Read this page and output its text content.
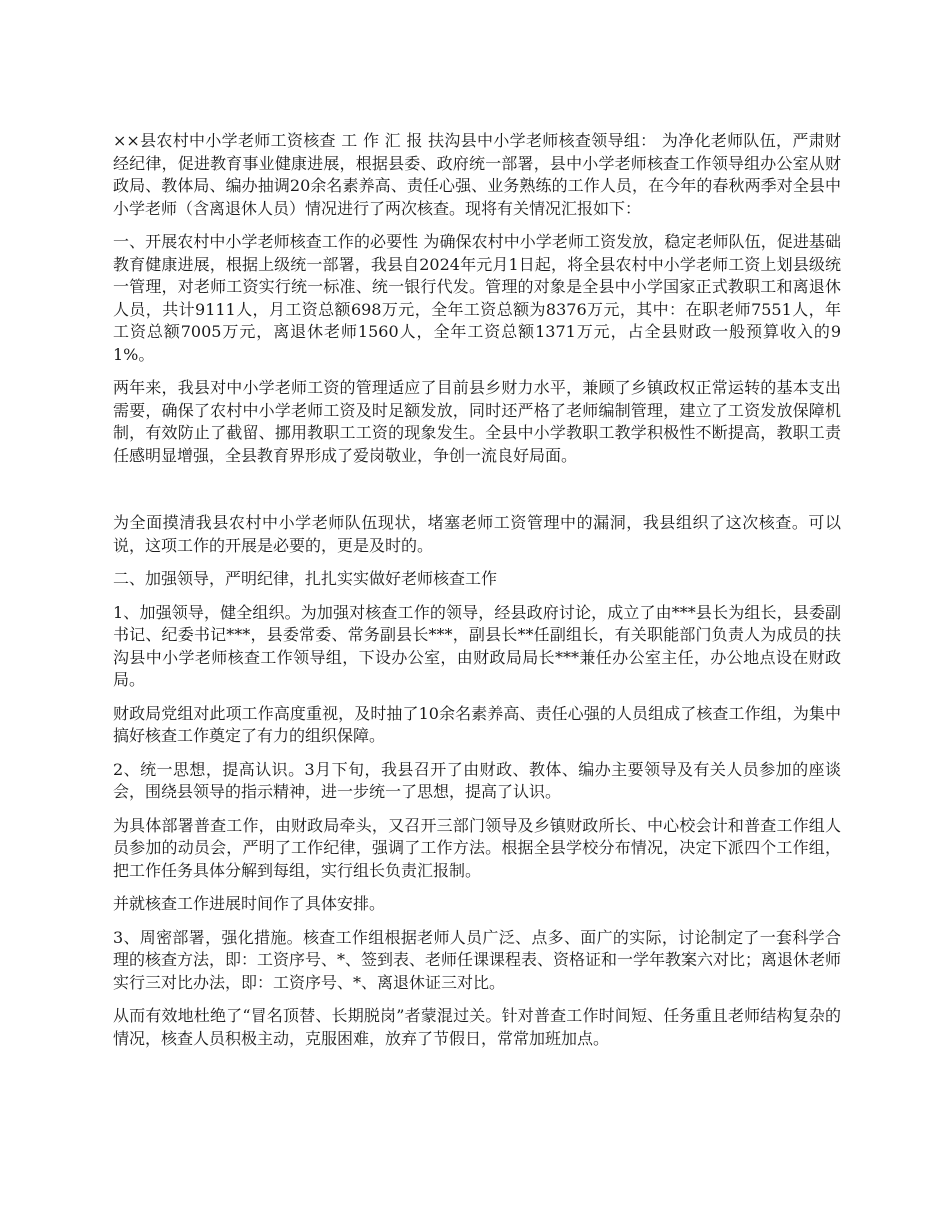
××县农村中小学老师工资核查 工 作 汇 报 扶沟县中小学老师核查领导组： 为净化老师队伍，严肃财经纪律，促进教育事业健康进展，根据县委、政府统一部署，县中小学老师核查工作领导组办公室从财政局、教体局、编办抽调20余名素养高、责任心强、业务熟练的工作人员，在今年的春秋两季对全县中小学老师（含离退休人员）情况进行了两次核查。现将有关情况汇报如下：

一、开展农村中小学老师核查工作的必要性 为确保农村中小学老师工资发放，稳定老师队伍，促进基础教育健康进展，根据上级统一部署，我县自2024年元月1日起，将全县农村中小学老师工资上划县级统一管理，对老师工资实行统一标准、统一银行代发。管理的对象是全县中小学国家正式教职工和离退休人员，共计9111人，月工资总额698万元，全年工资总额为8376万元，其中：在职老师7551人，年工资总额7005万元，离退休老师1560人，全年工资总额1371万元，占全县财政一般预算收入的91%。

两年来，我县对中小学老师工资的管理适应了目前县乡财力水平，兼顾了乡镇政权正常运转的基本支出需要，确保了农村中小学老师工资及时足额发放，同时还严格了老师编制管理，建立了工资发放保障机制，有效防止了截留、挪用教职工工资的现象发生。全县中小学教职工教学积极性不断提高，教职工责任感明显增强，全县教育界形成了爱岗敬业，争创一流良好局面。

为全面摸清我县农村中小学老师队伍现状，堵塞老师工资管理中的漏洞，我县组织了这次核查。可以说，这项工作的开展是必要的，更是及时的。

二、加强领导，严明纪律，扎扎实实做好老师核查工作

1、加强领导，健全组织。为加强对核查工作的领导，经县政府讨论，成立了由***县长为组长，县委副书记、纪委书记***，县委常委、常务副县长***，副县长**任副组长，有关职能部门负责人为成员的扶沟县中小学老师核查工作领导组，下设办公室，由财政局局长***兼任办公室主任，办公地点设在财政局。

财政局党组对此项工作高度重视，及时抽了10余名素养高、责任心强的人员组成了核查工作组，为集中搞好核查工作奠定了有力的组织保障。

2、统一思想，提高认识。3月下旬，我县召开了由财政、教体、编办主要领导及有关人员参加的座谈会，围绕县领导的指示精神，进一步统一了思想，提高了认识。

为具体部署普查工作，由财政局牵头，又召开三部门领导及乡镇财政所长、中心校会计和普查工作组人员参加的动员会，严明了工作纪律，强调了工作方法。根据全县学校分布情况，决定下派四个工作组，把工作任务具体分解到每组，实行组长负责汇报制。

并就核查工作进展时间作了具体安排。

3、周密部署，强化措施。核查工作组根据老师人员广泛、点多、面广的实际，讨论制定了一套科学合理的核查方法，即：工资序号、*、签到表、老师任课课程表、资格证和一学年教案六对比；离退休老师实行三对比办法，即：工资序号、*、离退休证三对比。

从而有效地杜绝了“冒名顶替、长期脱岗”者蒙混过关。针对普查工作时间短、任务重且老师结构复杂的情况，核查人员积极主动，克服困难，放弃了节假日，常常加班加点。
